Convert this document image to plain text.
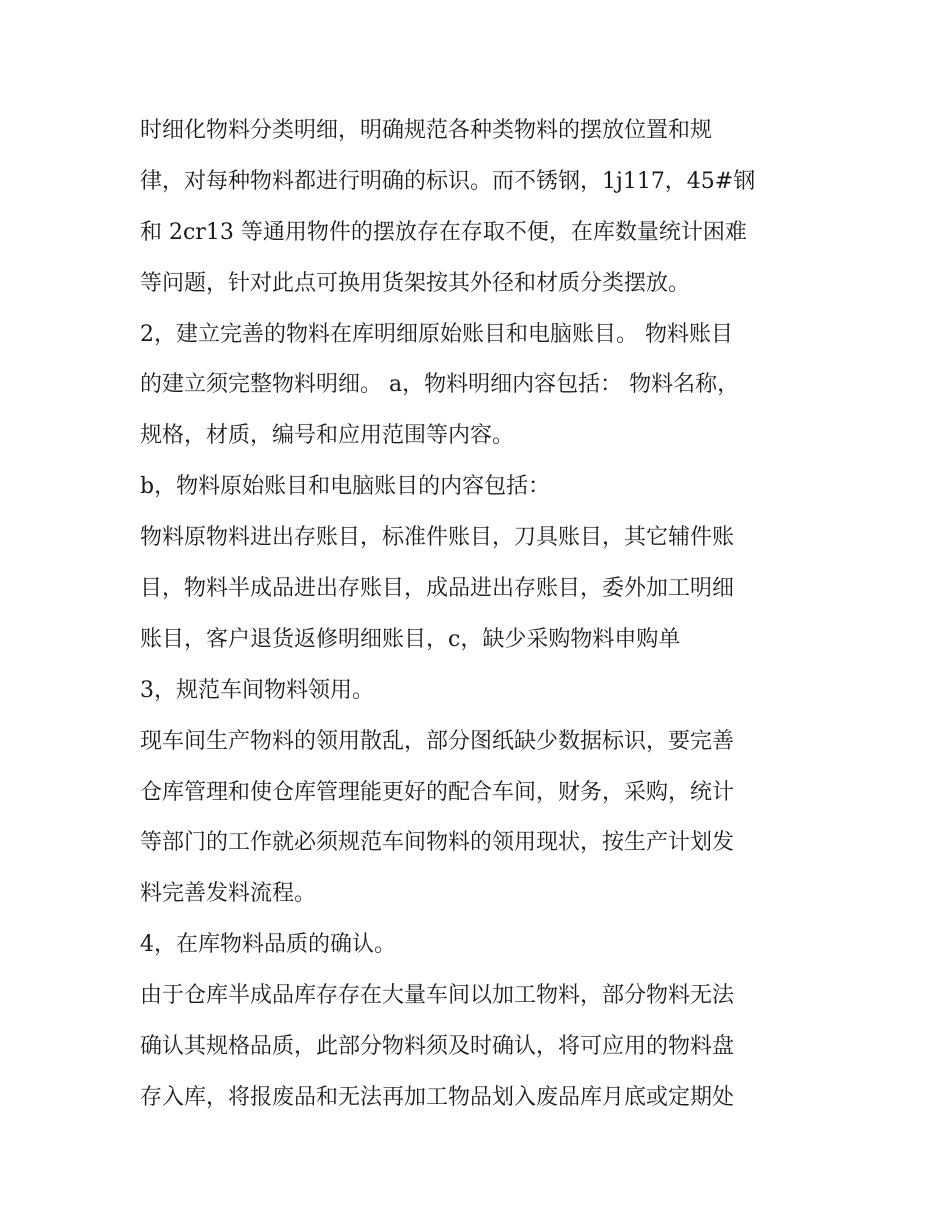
时细化物料分类明细，明确规范各种类物料的摆放位置和规
律，对每种物料都进行明确的标识。而不锈钢，1j117，45#钢
和 2cr13 等通用物件的摆放存在存取不便，在库数量统计困难
等问题，针对此点可换用货架按其外径和材质分类摆放。
2，建立完善的物料在库明细原始账目和电脑账目。 物料账目
的建立须完整物料明细。 a，物料明细内容包括： 物料名称，
规格，材质，编号和应用范围等内容。
b，物料原始账目和电脑账目的内容包括：
物料原物料进出存账目，标准件账目，刀具账目，其它辅件账
目，物料半成品进出存账目，成品进出存账目，委外加工明细
账目，客户退货返修明细账目，c，缺少采购物料申购单
3，规范车间物料领用。
现车间生产物料的领用散乱，部分图纸缺少数据标识，要完善
仓库管理和使仓库管理能更好的配合车间，财务，采购，统计
等部门的工作就必须规范车间物料的领用现状，按生产计划发
料完善发料流程。
4，在库物料品质的确认。
由于仓库半成品库存存在大量车间以加工物料，部分物料无法
确认其规格品质，此部分物料须及时确认，将可应用的物料盘
存入库，将报废品和无法再加工物品划入废品库月底或定期处
